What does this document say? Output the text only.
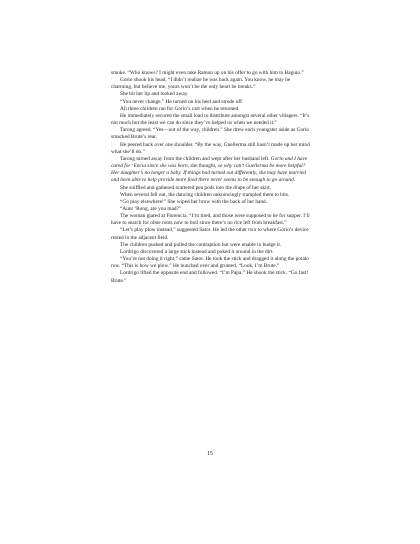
smoke. “Who knows? I might even take Ramon up on his offer to go with him to Baguio.”

Gorio shook his head. “I didn’t realize he was back again. You know, he may be charming, but believe me, yours won’t be the only heart he breaks.”

She bit her lip and looked away.

“You never change.” He turned on his heel and strode off.

All three children ran for Gorio’s cart when he returned.

He immediately secured the small load to distribute amongst several other villagers. “It’s not much but the least we can do since they’ve helped us when we needed it.”

Tarong agreed. “Yes—out of the way, children.” She drew each youngster aside as Gorio smacked Brute’s rear.

He peered back over one shoulder. “By the way, Guellerma still hasn’t made up her mind what she’ll do.”

Tarong turned away from the children and wept after her husband left. Gorio and I have cared for ‘Encia since she was born, she thought, so why can’t Guellerma be more helpful? Her daughter’s no longer a baby. If things had turned out differently, she may have married and been able to help provide more food there never seems to be enough to go around.

She sniffled and gathered scattered pea pods into the drape of her skirt.

When several fell out, the dancing children unknowingly trampled them to bits.

“Go play elsewhere!” She wiped her brow with the back of her hand.

“Aunt ‘Rong, are you mad?”

The woman glared at Florencia. “I’m tired, and those were supposed to be for supper. I’ll have to search for oboe roots now to boil since there’s no rice left from breakfast.”

“Let’s play plow instead,” suggested Sator. He led the other two to where Gorio’s device rested in the adjacent field.

The children pushed and pulled the contraption but were unable to budge it.

Lordrigo discovered a large stick instead and poked it around in the dirt.

“You’re not doing it right,” came Sator. He took the stick and dragged it along the potato row. “This is how we plow.” He hunched over and grunted. “Look, I’m Brute.”

Lordrigo lifted the opposite end and followed. “I’m Papa.” He shook the stick. “Go fast! Brute.”

15
